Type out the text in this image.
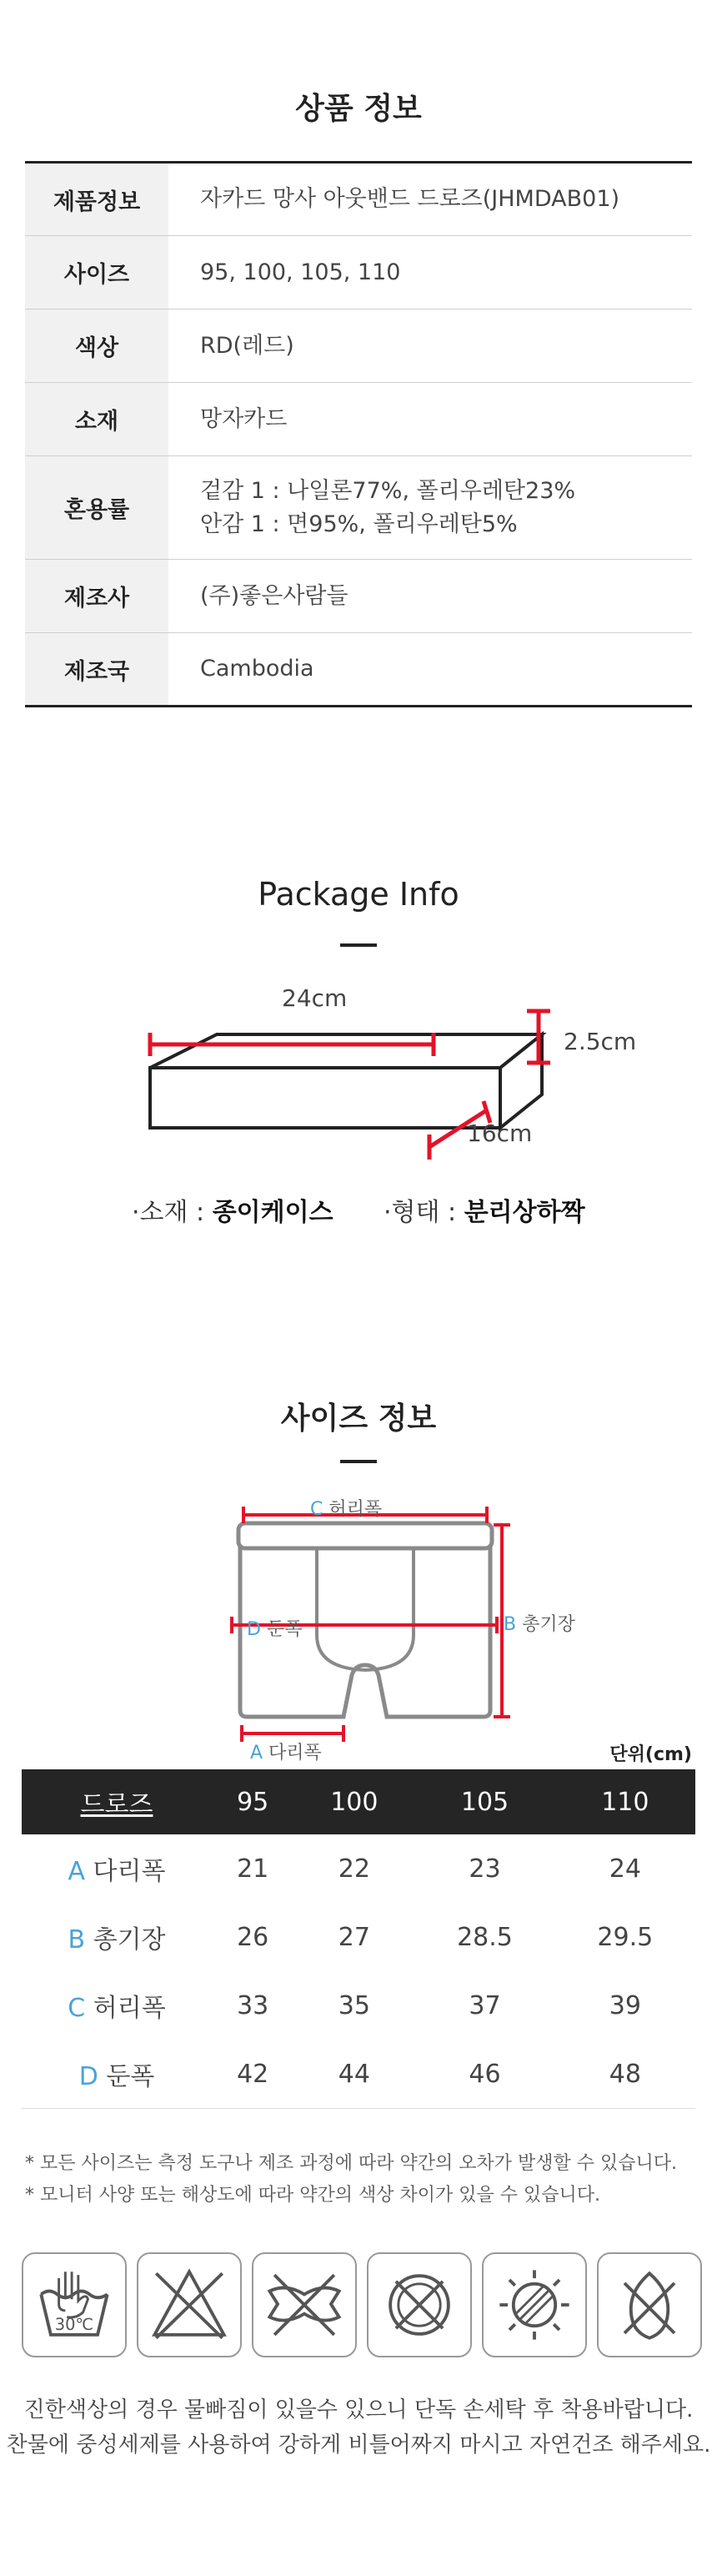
상품 정보
제품정보	자카드 망사 아웃밴드 드로즈(JHMDAB01)
사이즈	95, 100, 105, 110
색상	RD(레드)
소재	망자카드
혼용률	겉감 1 : 나일론77%, 폴리우레탄23%
안감 1 : 면95%, 폴리우레탄5%

제조사	(주)좋은사람들
제조국	Cambodia
Package Info
24cm
2.5cm
16cm
·소재 : 종이케이스 ·형태 : 분리상하짝
사이즈 정보
C 허리폭
B 총기장
D 둔폭
A 다리폭	단위(cm)
드로즈	95	100	105	110
A 다리폭	21	22	23	24
B 총기장	26	27	28.5	29.5
C 허리폭	33	35	37	39
D 둔폭	42	44	46	48
* 모든 사이즈는 측정 도구나 제조 과정에 따라 약간의 오차가 발생할 수 있습니다.
* 모니터 사양 또는 해상도에 따라 약간의 색상 차이가 있을 수 있습니다.
30℃
진한색상의 경우 물빠짐이 있을수 있으니 단독 손세탁 후 착용바랍니다.
찬물에 중성세제를 사용하여 강하게 비틀어짜지 마시고 자연건조 해주세요.
